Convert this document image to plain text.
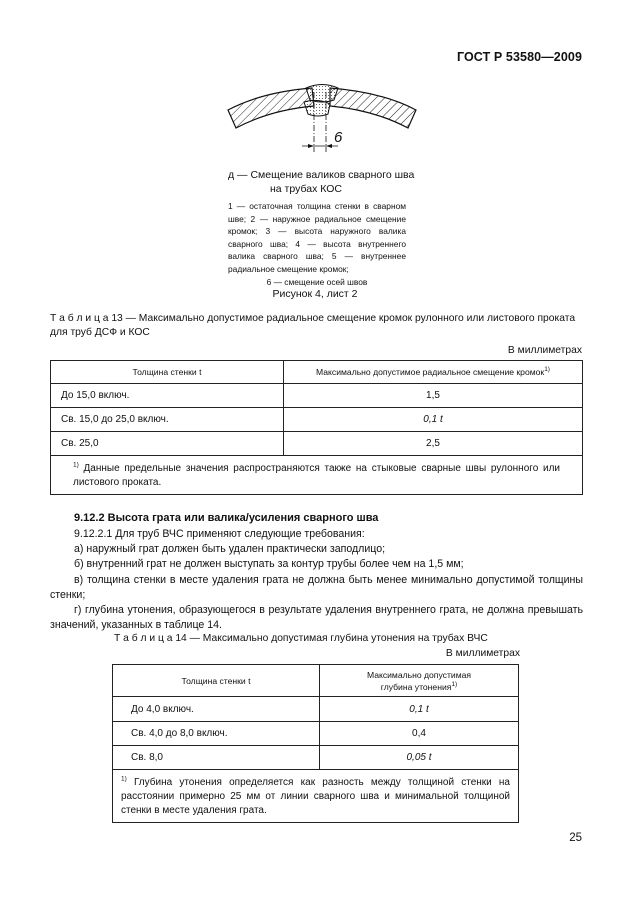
ГОСТ Р 53580—2009
6
д — Смещение валиков сварного шва
на трубах КОС
1 — остаточная толщина стенки в сварном шве; 2 — наружное радиальное смещение кромок; 3 — высота наружного валика сварного шва; 4 — высота внутреннего валика сварного шва; 5 — внутреннее радиальное смещение кромок;
6 — смещение осей швов
Рисунок 4, лист 2
Т а б л и ц а 13 — Максимально допустимое радиальное смещение кромок рулонного или листового проката для труб ДСФ и КОС
В миллиметрах
Толщина стенки t	Максимально допустимое радиальное смещение кромок$^{1)}$
До 15,0 включ.	1,5
Св. 15,0 до 25,0 включ.	0,1 t
Св. 25,0	2,5
$^{1)}$ Данные предельные значения распространяются также на стыковые сварные швы рулонного или листового проката.	
9.12.2 Высота грата или валика/усиления сварного шва

9.12.2.1 Для труб ВЧС применяют следующие требования:

а) наружный грат должен быть удален практически заподлицо;

б) внутренний грат не должен выступать за контур трубы более чем на 1,5 мм;

в) толщина стенки в месте удаления грата не должна быть менее минимально допустимой толщины стенки;

г) глубина утонения, образующегося в результате удаления внутреннего грата, не должна превышать значений, указанных в таблице 14.

Т а б л и ц а 14 — Максимально допустимая глубина утонения на трубах ВЧС
В миллиметрах
Толщина стенки t	Максимально допустимая глубина утонения$^{1)}$
До 4,0 включ.	0,1 t
Св. 4,0 до 8,0 включ.	0,4
Св. 8,0	0,05 t
$^{1)}$ Глубина утонения определяется как разность между толщиной стенки на расстоянии примерно 25 мм от линии сварного шва и минимальной толщиной стенки в месте удаления грата.	
25
